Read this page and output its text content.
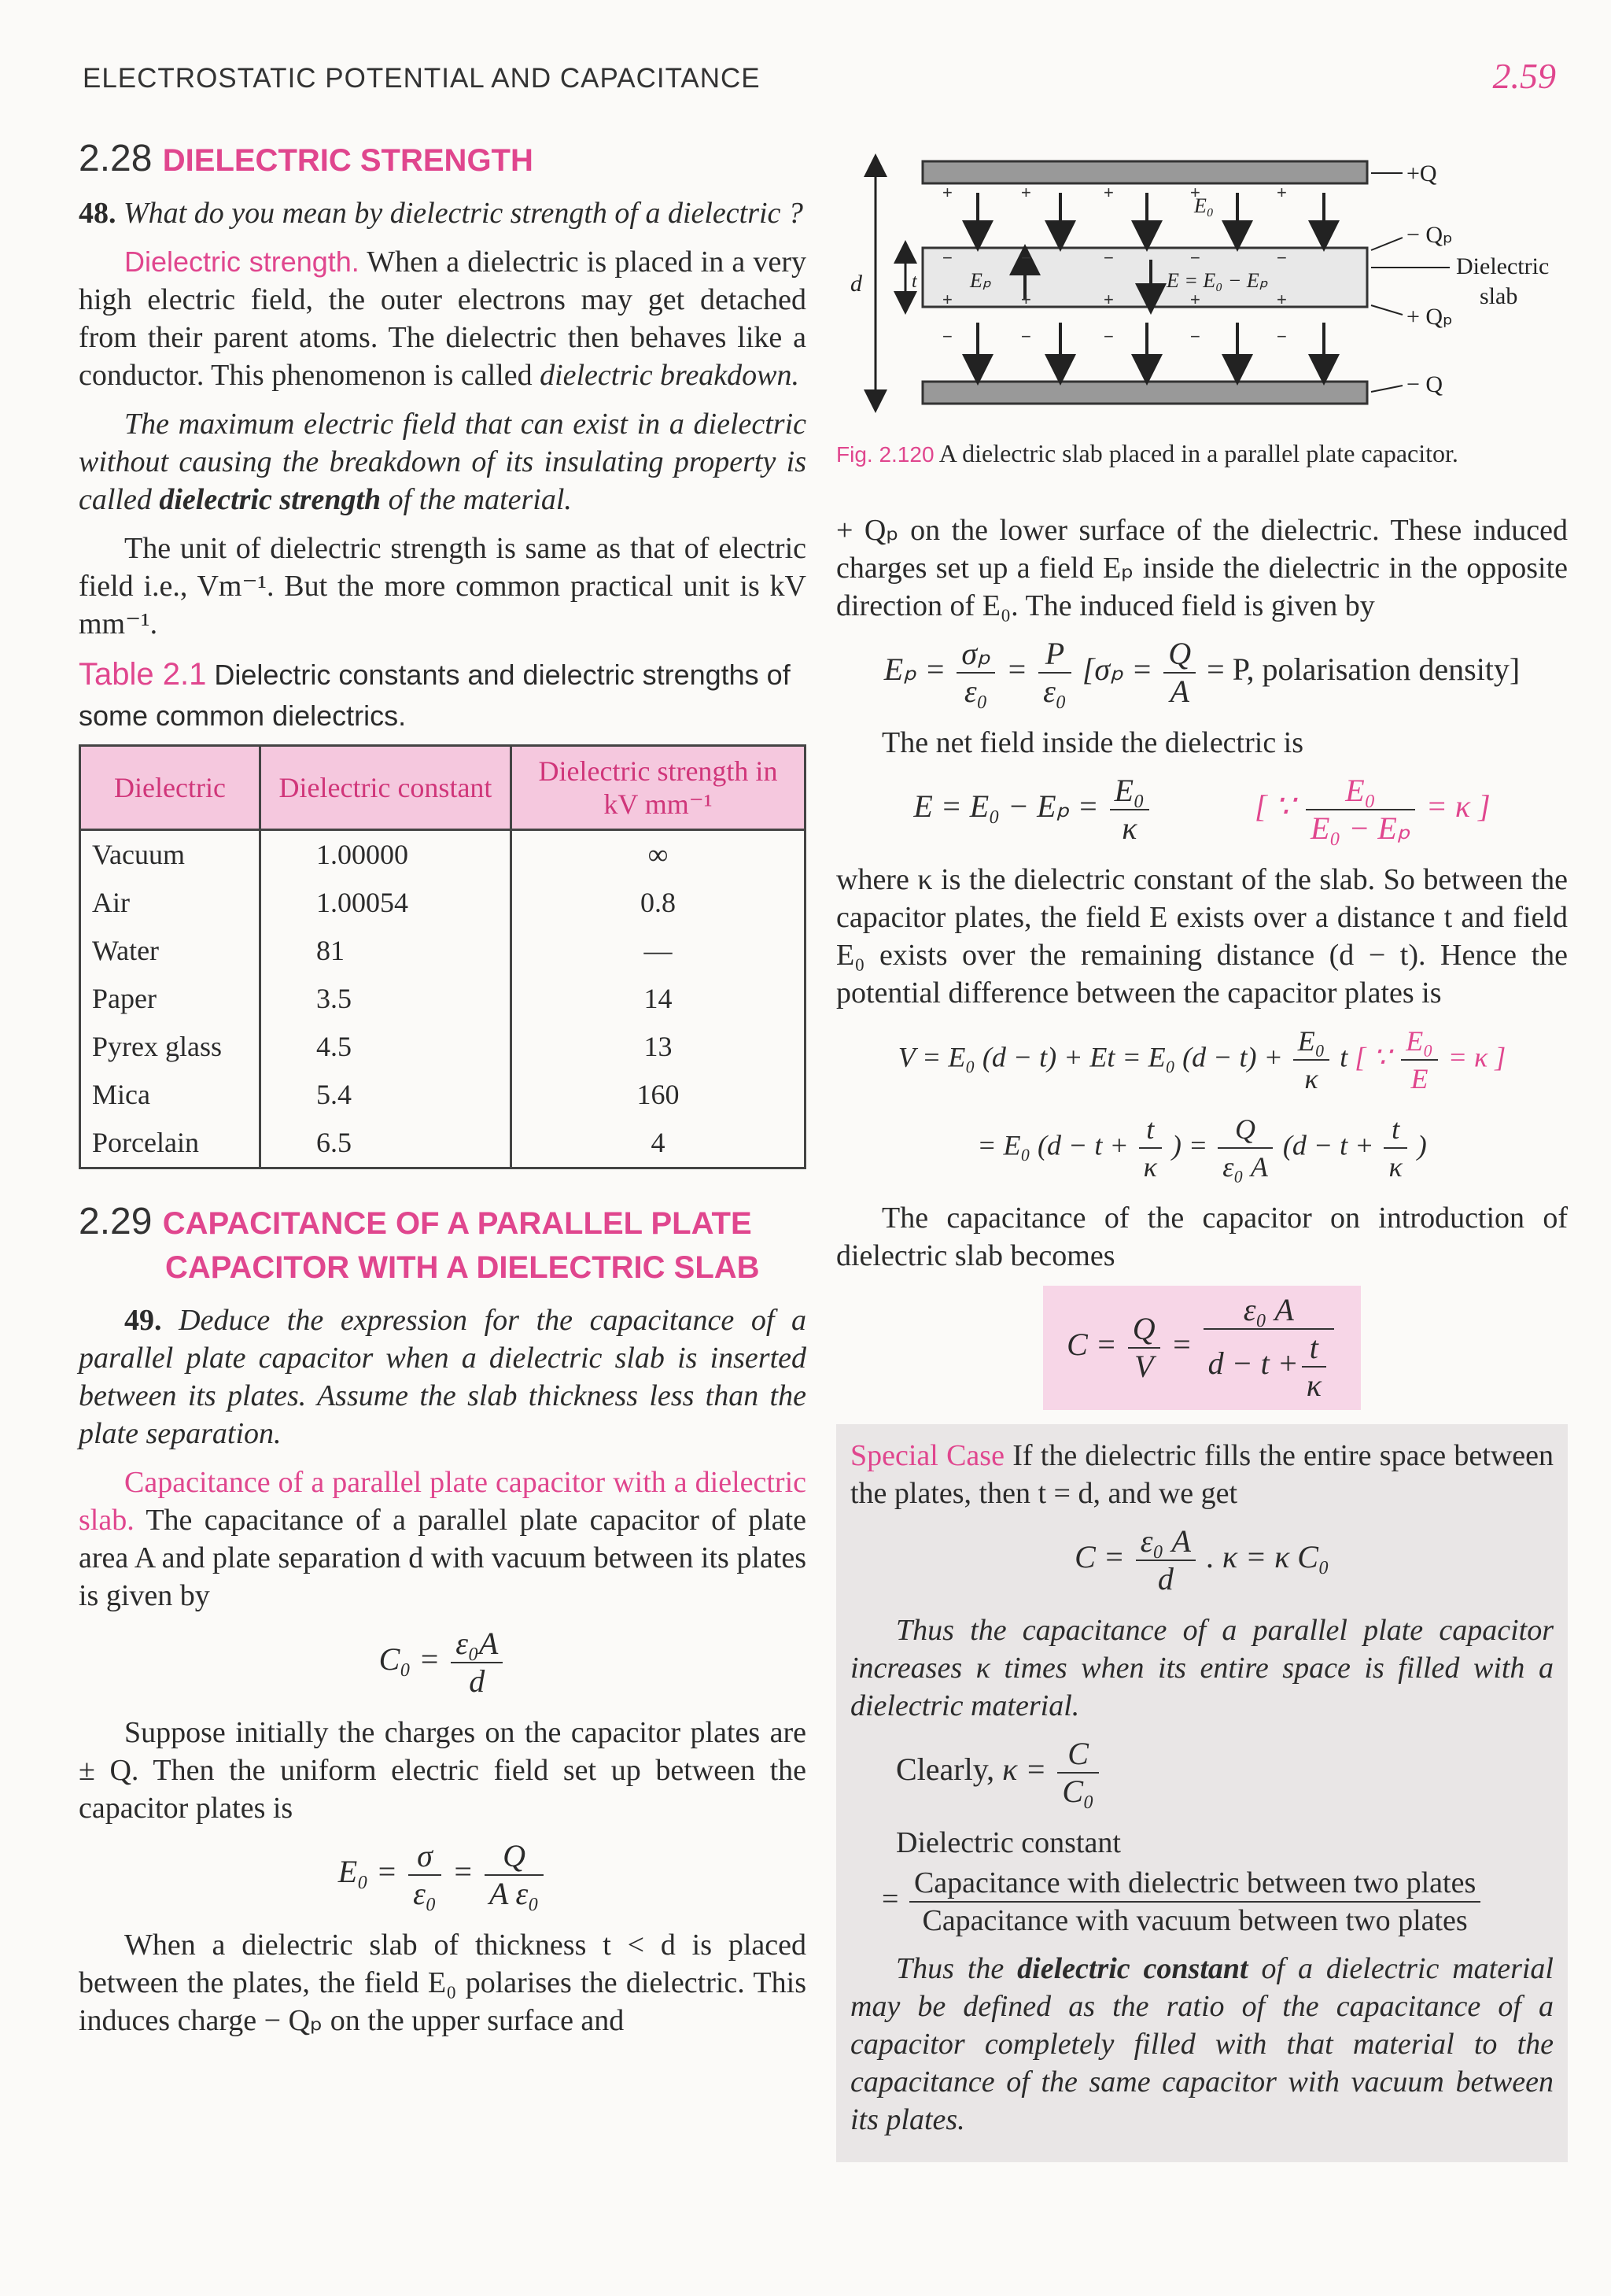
ELECTROSTATIC POTENTIAL AND CAPACITANCE	2.59
2.28 DIELECTRIC STRENGTH

48. What do you mean by dielectric strength of a dielectric ?

Dielectric strength. When a dielectric is placed in a very high electric field, the outer electrons may get detached from their parent atoms. The dielectric then behaves like a conductor. This phenomenon is called dielectric breakdown.

The maximum electric field that can exist in a dielectric without causing the breakdown of its insulating property is called dielectric strength of the material.

The unit of dielectric strength is same as that of electric field i.e., Vm⁻¹. But the more common practical unit is kV mm⁻¹.

Table 2.1 Dielectric constants and dielectric strengths of some common dielectrics.
Dielectric	Dielectric constant	Dielectric strength in kV mm⁻¹
Vacuum	1.00000	∞
Air	1.00054	0.8
Water	81	—
Paper	3.5	14
Pyrex glass	4.5	13
Mica	5.4	160
Porcelain	6.5	4
2.29 CAPACITANCE OF A PARALLEL PLATE CAPACITOR WITH A DIELECTRIC SLAB

49. Deduce the expression for the capacitance of a parallel plate capacitor when a dielectric slab is inserted between its plates. Assume the slab thickness less than the plate separation.

Capacitance of a parallel plate capacitor with a dielectric slab. The capacitance of a parallel plate capacitor of plate area A and plate separation d with vacuum between its plates is given by

$C_0 = \frac{\text{ε₀A}}{d}$

Suppose initially the charges on the capacitor plates are ± Q. Then the uniform electric field set up between the capacitor plates is

$E_0 = \frac{\sigma}{\text{ε₀}} = \frac{Q}{\text{A ε₀}}$

When a dielectric slab of thickness t < d is placed between the plates, the field E₀ polarises the dielectric. This induces charge − Qₚ on the upper surface and

+	+	+	+	+
−	−	−	−	−
+	+	+	+	+
−	−	−	−	−
+Q
− Qₚ
Dielectric
slab
+ Qₚ
− Q
d	t
E₀
Eₚ	E = E₀ − Eₚ
Fig. 2.120 A dielectric slab placed in a parallel plate capacitor.

+ Qₚ on the lower surface of the dielectric. These induced charges set up a field Eₚ inside the dielectric in the opposite direction of E₀. The induced field is given by

$E_p = \frac{\text{σₚ}}{\text{ε₀}} = \frac{P}{\text{ε₀}} [\sigma_p = \frac{Q}{A} = P$, polarisation density]

The net field inside the dielectric is

$E = E_0 - E_p = \frac{\text{E₀}}{\kappa}$	[ ∵ $\frac{\text{E₀}}{\text{E₀ − Eₚ}} = \kappa$ ]

where κ is the dielectric constant of the slab. So between the capacitor plates, the field E exists over a distance t and field E₀ exists over the remaining distance (d − t). Hence the potential difference between the capacitor plates is

V = E₀ (d − t) + Et = E₀ $(d - t) + \frac{\text{E₀}}{\kappa}$ t [ ∵ $\frac{\text{E₀}}{E} = \kappa$ ]
= E₀ ($d - t + \frac{t}{\kappa}$ ) = $\frac{Q}{\text{ε₀ A}} (d - t + \frac{t}{\kappa}$ )

The capacitance of the capacitor on introduction of dielectric slab becomes

$C = \frac{Q}{V} = \frac{\text{ε₀ A}}{d - t + \frac{t}{\kappa}}$

Special Case If the dielectric fills the entire space between the plates, then t = d, and we get

$C = \frac{\text{ε₀ A}}{d}$ . κ = κ C₀

Thus the capacitance of a parallel plate capacitor increases κ times when its entire space is filled with a dielectric material.

Clearly, $\kappa = \frac{C}{\text{C₀}}$

Dielectric constant

= $\frac{\text{Capacitance with dielectric between two plates}}{\text{Capacitance with vacuum between two plates}}$

Thus the dielectric constant of a dielectric material may be defined as the ratio of the capacitance of a capacitor completely filled with that material to the capacitance of the same capacitor with vacuum between its plates.
